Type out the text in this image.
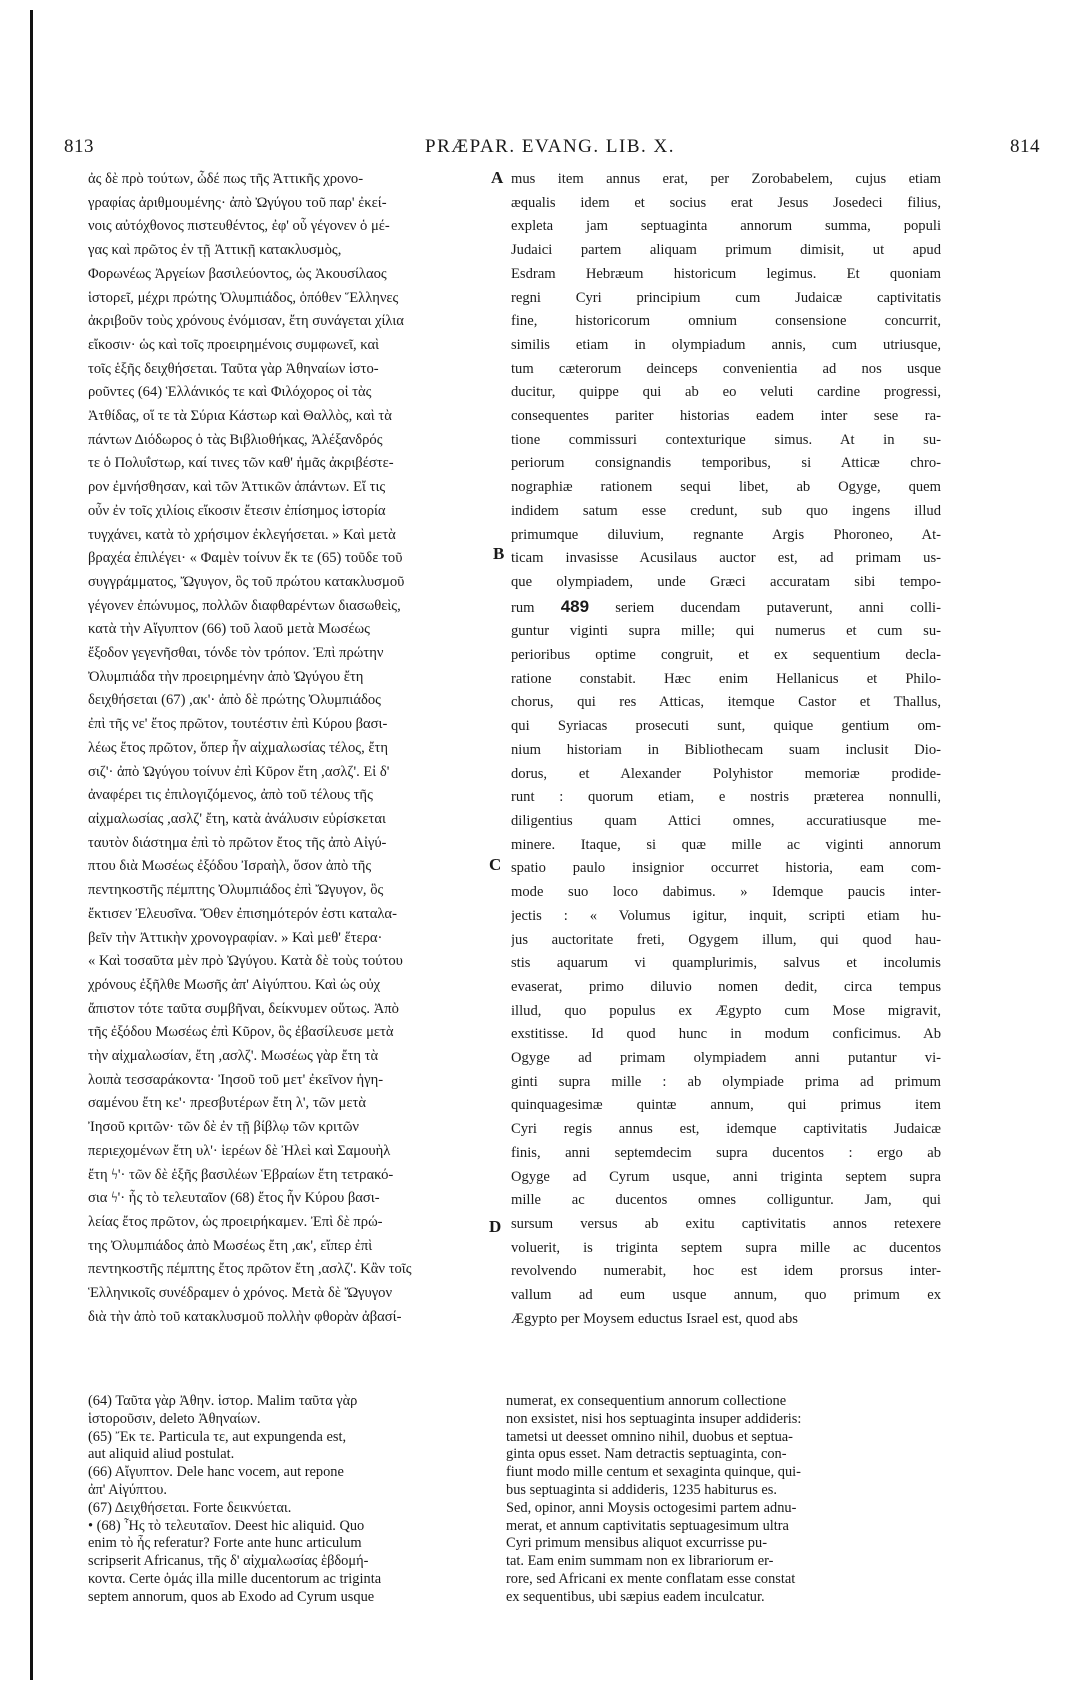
813	PRÆPAR. EVANG. LIB. X.	814
ἀς δὲ πρὸ τούτων, ὧδέ πως τῆς Ἀττικῆς χρονο-
γραφίας ἀριθμουμένης· ἀπὸ Ὠγύγου τοῦ παρ' ἐκεί-
νοις αὐτόχθονος πιστευθέντος, ἐφ' οὗ γέγονεν ὁ μέ-
γας καὶ πρῶτος ἐν τῇ Ἀττικῇ κατακλυσμὸς,
Φορωνέως Ἀργείων βασιλεύοντος, ὡς Ἀκουσίλαος
ἱστορεῖ, μέχρι πρώτης Ὀλυμπιάδος, ὁπόθεν Ἕλληνες
ἀκριβοῦν τοὺς χρόνους ἐνόμισαν, ἔτη συνάγεται χίλια
εἴκοσιν· ὡς καὶ τοῖς προειρημένοις συμφωνεῖ, καὶ
τοῖς ἑξῆς δειχθήσεται. Ταῦτα γὰρ Ἀθηναίων ἱστο-
ροῦντες (64) Ἑλλάνικός τε καὶ Φιλόχορος οἱ τὰς
Ἀτθίδας, οἵ τε τὰ Σύρια Κάστωρ καὶ Θαλλὸς, καὶ τὰ
πάντων Διόδωρος ὁ τὰς Βιβλιοθήκας, Ἀλέξανδρός
τε ὁ Πολυΐστωρ, καί τινες τῶν καθ' ἡμᾶς ἀκριβέστε-
ρον ἐμνήσθησαν, καὶ τῶν Ἀττικῶν ἁπάντων. Εἴ τις
οὖν ἐν τοῖς χιλίοις εἴκοσιν ἔτεσιν ἐπίσημος ἱστορία
τυγχάνει, κατὰ τὸ χρήσιμον ἐκλεγήσεται. » Καὶ μετὰ
βραχέα ἐπιλέγει· « Φαμὲν τοίνυν ἔκ τε (65) τοῦδε τοῦ
συγγράμματος, Ὤγυγον, ὃς τοῦ πρώτου κατακλυσμοῦ
γέγονεν ἐπώνυμος, πολλῶν διαφθαρέντων διασωθεὶς,
κατὰ τὴν Αἴγυπτον (66) τοῦ λαοῦ μετὰ Μωσέως
ἔξοδον γεγενῆσθαι, τόνδε τὸν τρόπον. Ἐπὶ πρώτην
Ὀλυμπιάδα τὴν προειρημένην ἀπὸ Ὠγύγου ἔτη
δειχθήσεται (67) ,ακ'· ἀπὸ δὲ πρώτης Ὀλυμπιάδος
ἐπὶ τῆς νε' ἔτος πρῶτον, τουτέστιν ἐπὶ Κύρου βασι-
λέως ἔτος πρῶτον, ὅπερ ἦν αἰχμαλωσίας τέλος, ἔτη
σιζ'· ἀπὸ Ὠγύγου τοίνυν ἐπὶ Κῦρον ἔτη ,ασλζ'. Εἰ δ'
ἀναφέρει τις ἐπιλογιζόμενος, ἀπὸ τοῦ τέλους τῆς
αἰχμαλωσίας ,ασλζ' ἔτη, κατὰ ἀνάλυσιν εὑρίσκεται
ταυτὸν διάστημα ἐπὶ τὸ πρῶτον ἔτος τῆς ἀπὸ Αἰγύ-
πτου διὰ Μωσέως ἐξόδου Ἰσραὴλ, ὅσον ἀπὸ τῆς
πεντηκοστῆς πέμπτης Ὀλυμπιάδος ἐπὶ Ὤγυγον, ὃς
ἔκτισεν Ἐλευσῖνα. Ὅθεν ἐπισημότερόν ἐστι καταλα-
βεῖν τὴν Ἀττικὴν χρονογραφίαν. » Καὶ μεθ' ἕτερα·
« Καὶ τοσαῦτα μὲν πρὸ Ὠγύγου. Κατὰ δὲ τοὺς τούτου
χρόνους ἐξῆλθε Μωσῆς ἀπ' Αἰγύπτου. Καὶ ὡς οὐχ
ἄπιστον τότε ταῦτα συμβῆναι, δείκνυμεν οὕτως. Ἀπὸ
τῆς ἐξόδου Μωσέως ἐπὶ Κῦρον, ὃς ἐβασίλευσε μετὰ
τὴν αἰχμαλωσίαν, ἔτη ,ασλζ'. Μωσέως γὰρ ἔτη τὰ
λοιπὰ τεσσαράκοντα· Ἰησοῦ τοῦ μετ' ἐκεῖνον ἡγη-
σαμένου ἔτη κε'· πρεσβυτέρων ἔτη λ', τῶν μετὰ
Ἰησοῦ κριτῶν· τῶν δὲ ἐν τῇ βίβλῳ τῶν κριτῶν
περιεχομένων ἔτη υλ'· ἱερέων δὲ Ἠλεὶ καὶ Σαμουὴλ
ἔτη ϟ'· τῶν δὲ ἑξῆς βασιλέων Ἑβραίων ἔτη τετρακό-
σια ϟ'· ἧς τὸ τελευταῖον (68) ἔτος ἦν Κύρου βασι-
λείας ἔτος πρῶτον, ὡς προειρήκαμεν. Ἐπὶ δὲ πρώ-
της Ὀλυμπιάδος ἀπὸ Μωσέως ἔτη ,ακ', εἴπερ ἐπὶ
πεντηκοστῆς πέμπτης ἔτος πρῶτον ἔτη ,ασλζ'. Κἂν τοῖς
Ἑλληνικοῖς συνέδραμεν ὁ χρόνος. Μετὰ δὲ Ὤγυγον
διὰ τὴν ἀπὸ τοῦ κατακλυσμοῦ πολλὴν φθορὰν ἀβασί-
mus item annus erat, per Zorobabelem, cujus etiam
æqualis idem et socius erat Jesus Josedeci filius,
expleta jam septuaginta annorum summa, populi
Judaici partem aliquam primum dimisit, ut apud
Esdram Hebræum historicum legimus. Et quoniam
regni Cyri principium cum Judaicæ captivitatis
fine, historicorum omnium consensione concurrit,
similis etiam in olympiadum annis, cum utriusque,
tum cæterorum deinceps convenientia ad nos usque
ducitur, quippe qui ab eo veluti cardine progressi,
consequentes pariter historias eadem inter sese ra-
tione commissuri contexturique simus. At in su-
periorum consignandis temporibus, si Atticæ chro-
nographiæ rationem sequi libet, ab Ogyge, quem
indidem satum esse credunt, sub quo ingens illud
primumque diluvium, regnante Argis Phoroneo, At-
ticam invasisse Acusilaus auctor est, ad primam us-
que olympiadem, unde Græci accuratam sibi tempo-
rum 489 seriem ducendam putaverunt, anni colli-
guntur viginti supra mille; qui numerus et cum su-
perioribus optime congruit, et ex sequentium decla-
ratione constabit. Hæc enim Hellanicus et Philo-
chorus, qui res Atticas, itemque Castor et Thallus,
qui Syriacas prosecuti sunt, quique gentium om-
nium historiam in Bibliothecam suam inclusit Dio-
dorus, et Alexander Polyhistor memoriæ prodide-
runt : quorum etiam, e nostris præterea nonnulli,
diligentius quam Attici omnes, accuratiusque me-
minere. Itaque, si quæ mille ac viginti annorum
spatio paulo insignior occurret historia, eam com-
mode suo loco dabimus. » Idemque paucis inter-
jectis : « Volumus igitur, inquit, scripti etiam hu-
jus auctoritate freti, Ogygem illum, qui quod hau-
stis aquarum vi quamplurimis, salvus et incolumis
evaserat, primo diluvio nomen dedit, circa tempus
illud, quo populus ex Ægypto cum Mose migravit,
exstitisse. Id quod hunc in modum conficimus. Ab
Ogyge ad primam olympiadem anni putantur vi-
ginti supra mille : ab olympiade prima ad primum
quinquagesimæ quintæ annum, qui primus item
Cyri regis annus est, idemque captivitatis Judaicæ
finis, anni septemdecim supra ducentos : ergo ab
Ogyge ad Cyrum usque, anni triginta septem supra
mille ac ducentos omnes colliguntur. Jam, qui
sursum versus ab exitu captivitatis annos retexere
voluerit, is triginta septem supra mille ac ducentos
revolvendo numerabit, hoc est idem prorsus inter-
vallum ad eum usque annum, quo primum ex
Ægypto per Moysem eductus Israel est, quod abs
A
B
C
D
(64) Ταῦτα γὰρ Ἀθην. ἱστορ. Malim ταῦτα γὰρ
ἱστοροῦσιν, deleto Ἀθηναίων.
(65) Ἔκ τε. Particula τε, aut expungenda est,
aut aliquid aliud postulat.
(66) Αἴγυπτον. Dele hanc vocem, aut repone
ἀπ' Αἰγύπτου.
(67) Δειχθήσεται. Forte δεικνύεται.
• (68) Ἧς τὸ τελευταῖον. Deest hic aliquid. Quo
enim τὸ ἧς referatur? Forte ante hunc articulum
scripserit Africanus, τῆς δ' αἰχμαλωσίας ἑβδομή-
κοντα. Certe ὁμάς illa mille ducentorum ac triginta
septem annorum, quos ab Exodo ad Cyrum usque
numerat, ex consequentium annorum collectione
non exsistet, nisi hos septuaginta insuper addideris:
tametsi ut deesset omnino nihil, duobus et septua-
ginta opus esset. Nam detractis septuaginta, con-
fiunt modo mille centum et sexaginta quinque, qui-
bus septuaginta si addideris, 1235 habiturus es.
Sed, opinor, anni Moysis octogesimi partem adnu-
merat, et annum captivitatis septuagesimum ultra
Cyri primum mensibus aliquot excurrisse pu-
tat. Eam enim summam non ex librariorum er-
rore, sed Africani ex mente conflatam esse constat
ex sequentibus, ubi sæpius eadem inculcatur.
